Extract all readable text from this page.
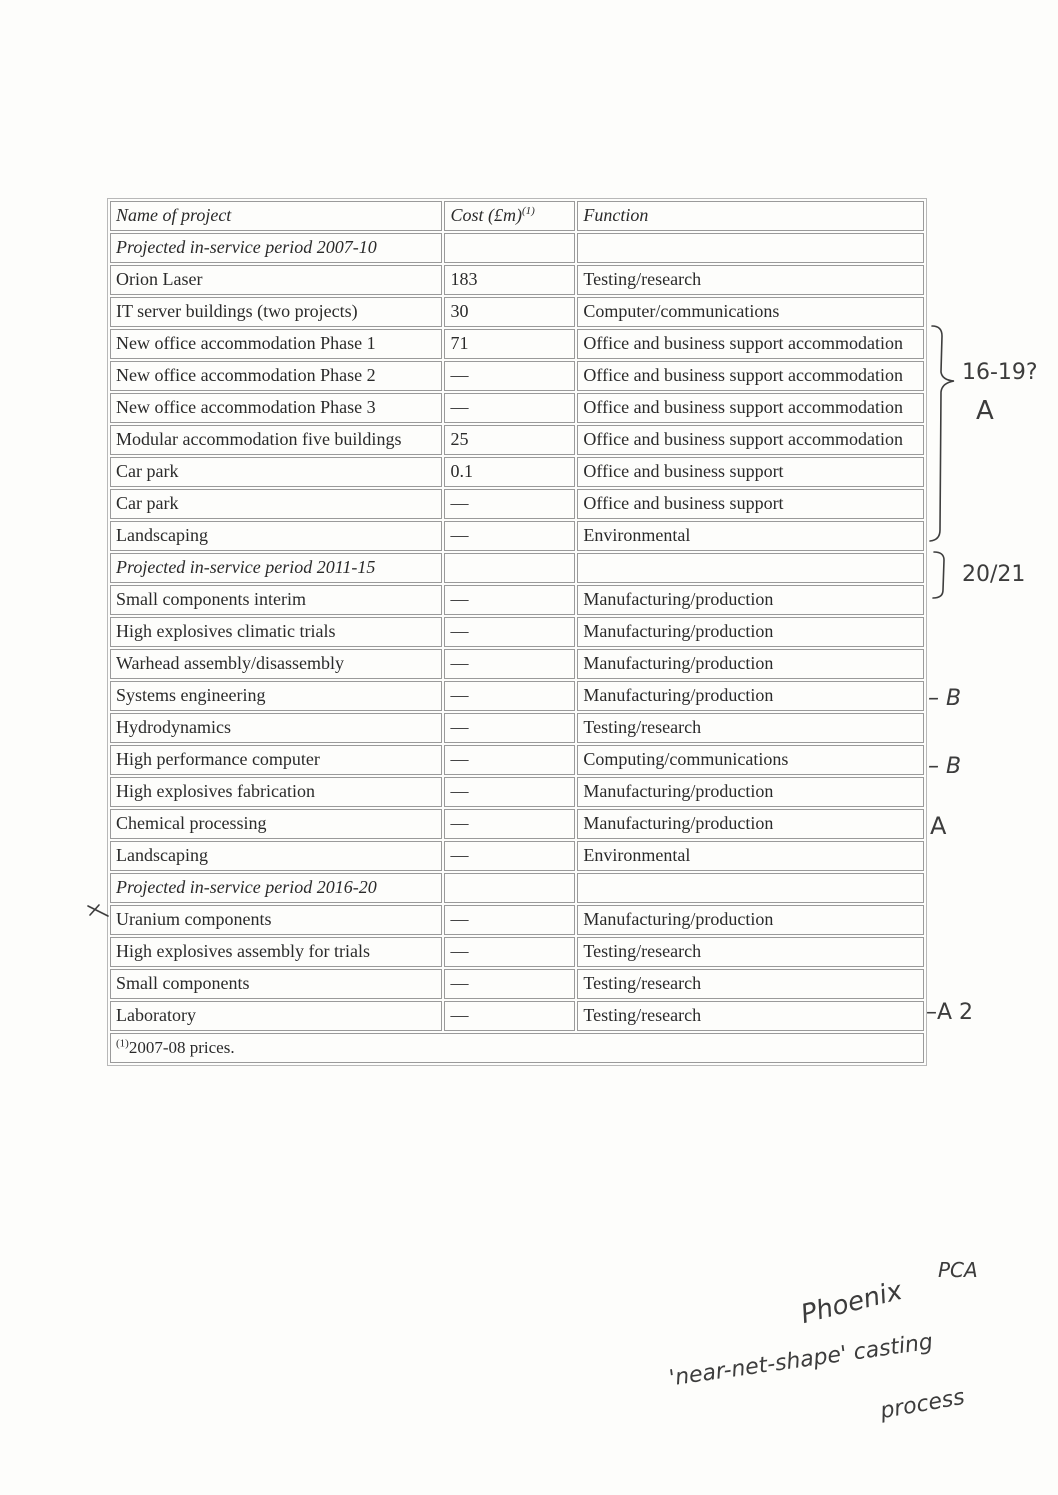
Name of project	Cost (£m)$^{(1)}$	Function
Projected in-service period 2007-10		
Orion Laser	183	Testing/research
IT server buildings (two projects)	30	Computer/communications
New office accommodation Phase 1	71	Office and business support accommodation
New office accommodation Phase 2	—	Office and business support accommodation
New office accommodation Phase 3	—	Office and business support accommodation
Modular accommodation five buildings	25	Office and business support accommodation
Car park	0.1	Office and business support
Car park	—	Office and business support
Landscaping	—	Environmental
Projected in-service period 2011-15		
Small components interim	—	Manufacturing/production
High explosives climatic trials	—	Manufacturing/production
Warhead assembly/disassembly	—	Manufacturing/production
Systems engineering	—	Manufacturing/production
Hydrodynamics	—	Testing/research
High performance computer	—	Computing/communications
High explosives fabrication	—	Manufacturing/production
Chemical processing	—	Manufacturing/production
Landscaping	—	Environmental
Projected in-service period 2016-20		
Uranium components	—	Manufacturing/production
High explosives assembly for trials	—	Testing/research
Small components	—	Testing/research
Laboratory	—	Testing/research
$^{(1)}$2007-08 prices.		
16-19?
A
20/21
– B
– B
A
–A 2
PCA
Phoenix
'near-net-shape' casting
process
